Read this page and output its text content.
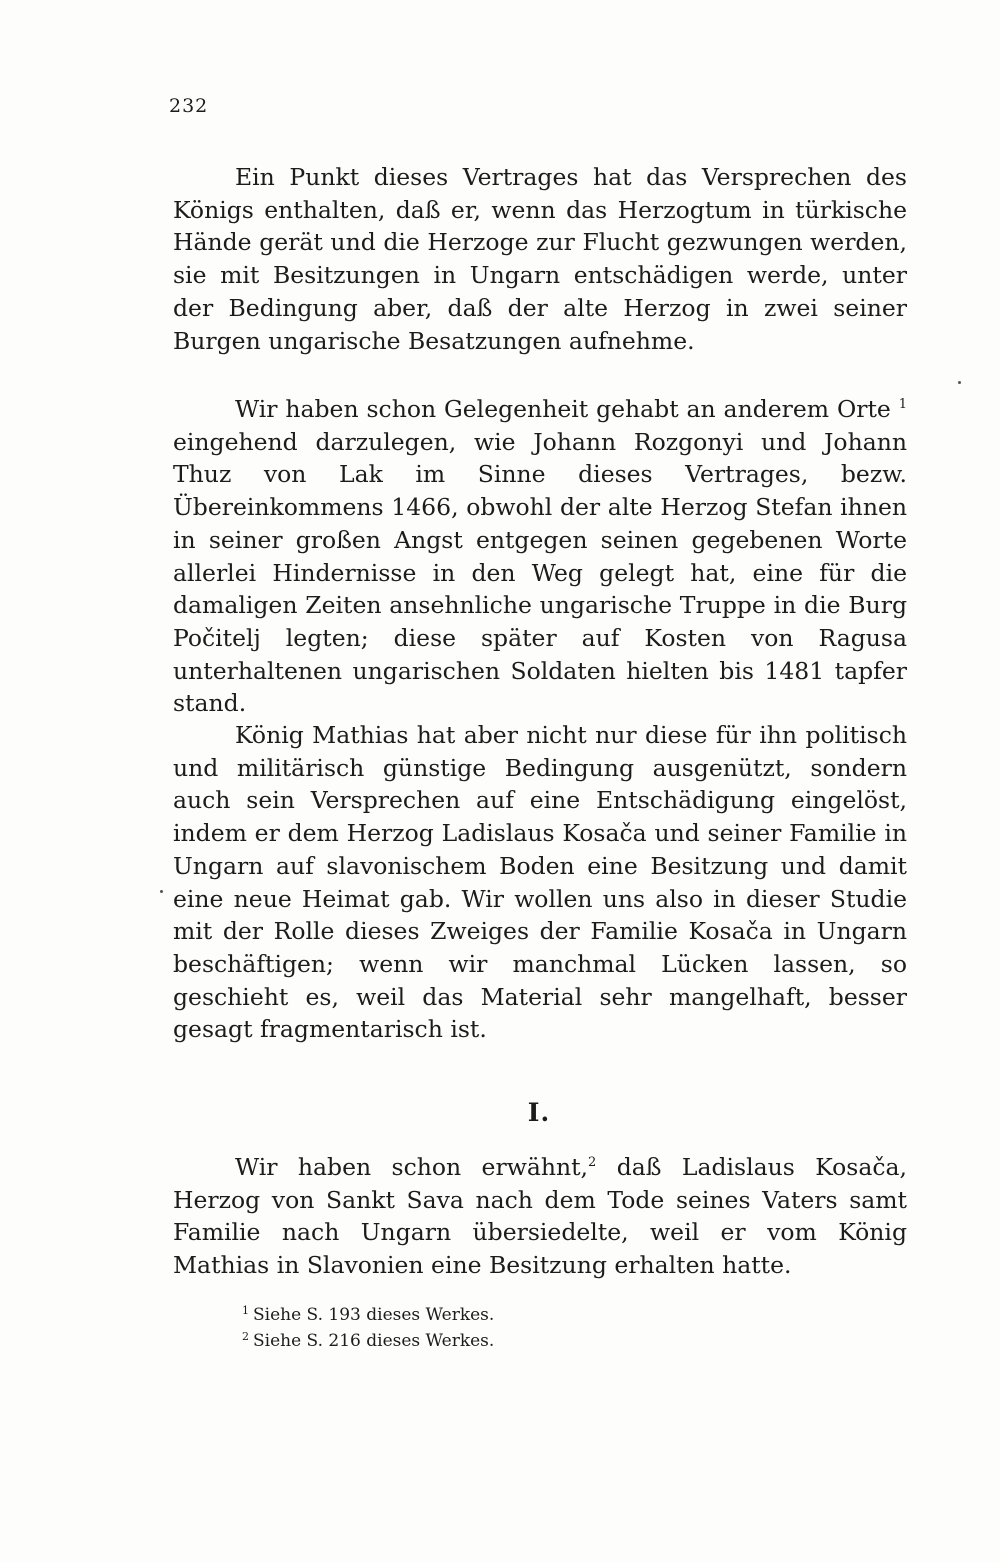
232

Ein Punkt dieses Vertrages hat das Versprechen des Königs enthalten, daß er, wenn das Herzogtum in türkische Hände gerät und die Herzoge zur Flucht gezwungen werden, sie mit Besitzungen in Ungarn entschädigen werde, unter der Bedingung aber, daß der alte Herzog in zwei seiner Burgen ungarische Besatzungen aufnehme.

Wir haben schon Gelegenheit gehabt an anderem Orte $^1$ eingehend darzulegen, wie Johann Rozgonyi und Johann Thuz von Lak im Sinne dieses Vertrages, bezw. Übereinkommens 1466, obwohl der alte Herzog Stefan ihnen in seiner großen Angst entgegen seinen gegebenen Worte allerlei Hindernisse in den Weg gelegt hat, eine für die damaligen Zeiten ansehnliche ungarische Truppe in die Burg Počitelj legten; diese später auf Kosten von Ragusa unterhaltenen ungarischen Soldaten hielten bis 1481 tapfer stand.

König Mathias hat aber nicht nur diese für ihn politisch und militärisch günstige Bedingung ausgenützt, sondern auch sein Versprechen auf eine Entschädigung eingelöst, indem er dem Herzog Ladislaus Kosača und seiner Familie in Ungarn auf slavonischem Boden eine Besitzung und damit eine neue Heimat gab. Wir wollen uns also in dieser Studie mit der Rolle dieses Zweiges der Familie Kosača in Ungarn beschäftigen; wenn wir manchmal Lücken lassen, so geschieht es, weil das Material sehr mangelhaft, besser gesagt fragmentarisch ist.

I.

Wir haben schon erwähnt,$^2$ daß Ladislaus Kosača, Herzog von Sankt Sava nach dem Tode seines Vaters samt Familie nach Ungarn übersiedelte, weil er vom König Mathias in Slavonien eine Besitzung erhalten hatte.

$^1$ Siehe S. 193 dieses Werkes.
$^2$ Siehe S. 216 dieses Werkes.
